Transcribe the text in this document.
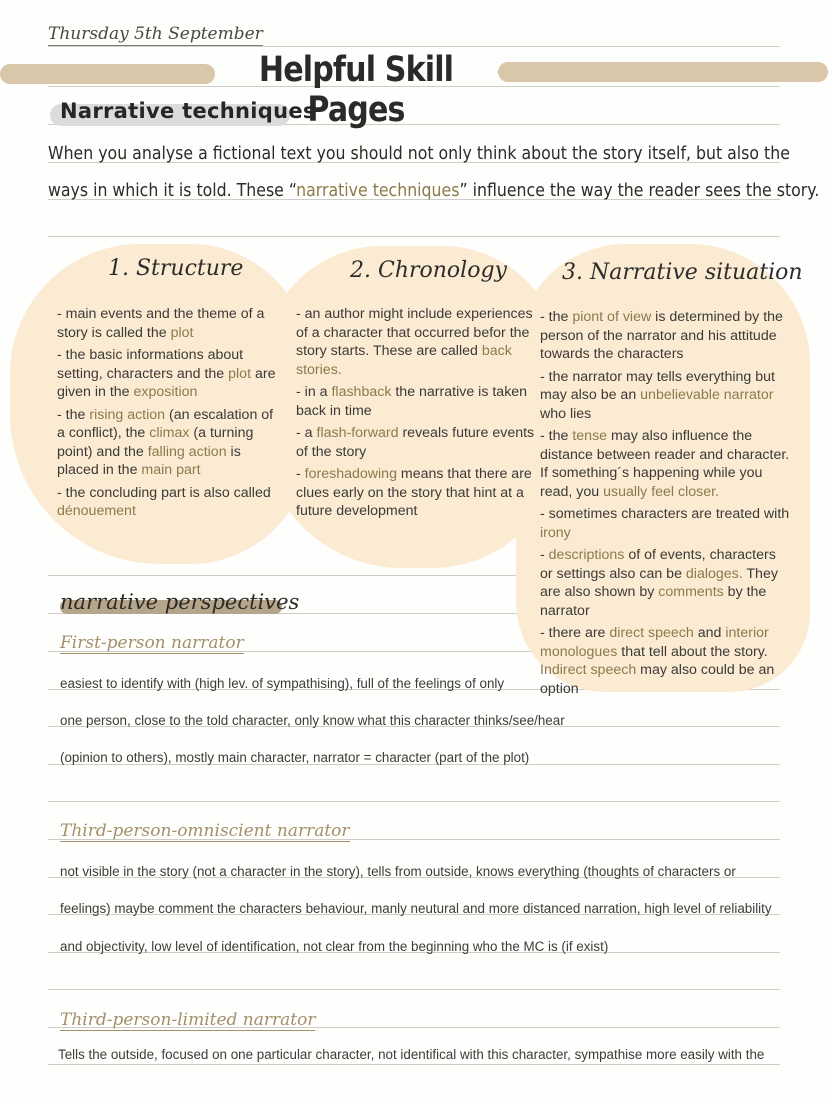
Thursday 5th September
Helpful Skill Pages
Narrative techniques
When you analyse a fictional text you should not only think about the story itself, but also the
ways in which it is told. These “narrative techniques” influence the way the reader sees the story.
1. Structure	2. Chronology	3. Narrative situation

- main events and the theme of a story is called the plot

- the basic informations about setting, characters and the plot are given in the exposition

- the rising action (an escalation of a conflict), the climax (a turning point) and the falling action is placed in the main part

- the concluding part is also called dénouement

- an author might include experiences of a character that occurred befor the story starts. These are called back stories.

- in a flashback the narrative is taken back in time

- a flash-forward reveals future events of the story

- foreshadowing means that there are clues early on the story that hint at a future development

- the piont of view is determined by the person of the narrator and his attitude towards the characters

- the narrator may tells everything but may also be an unbelievable narrator who lies

- the tense may also influence the distance between reader and character. If something´s happening while you read, you usually feel closer.

- sometimes characters are treated with irony

- descriptions of of events, characters or settings also can be dialoges. They are also shown by comments by the narrator

- there are direct speech and interior monologues that tell about the story. Indirect speech may also could be an option

narrative perspectives
First-person narrator
easiest to identify with (high lev. of sympathising), full of the feelings of only
one person, close to the told character, only know what this character thinks/see/hear
(opinion to others), mostly main character, narrator = character (part of the plot)
Third-person-omniscient narrator
not visible in the story (not a character in the story), tells from outside, knows everything (thoughts of characters or
feelings) maybe comment the characters behaviour, manly neutural and more distanced narration, high level of reliability
and objectivity, low level of identification, not clear from the beginning who the MC is (if exist)
Third-person-limited narrator
Tells the outside, focused on one particular character, not identifical with this character, sympathise more easily with the
